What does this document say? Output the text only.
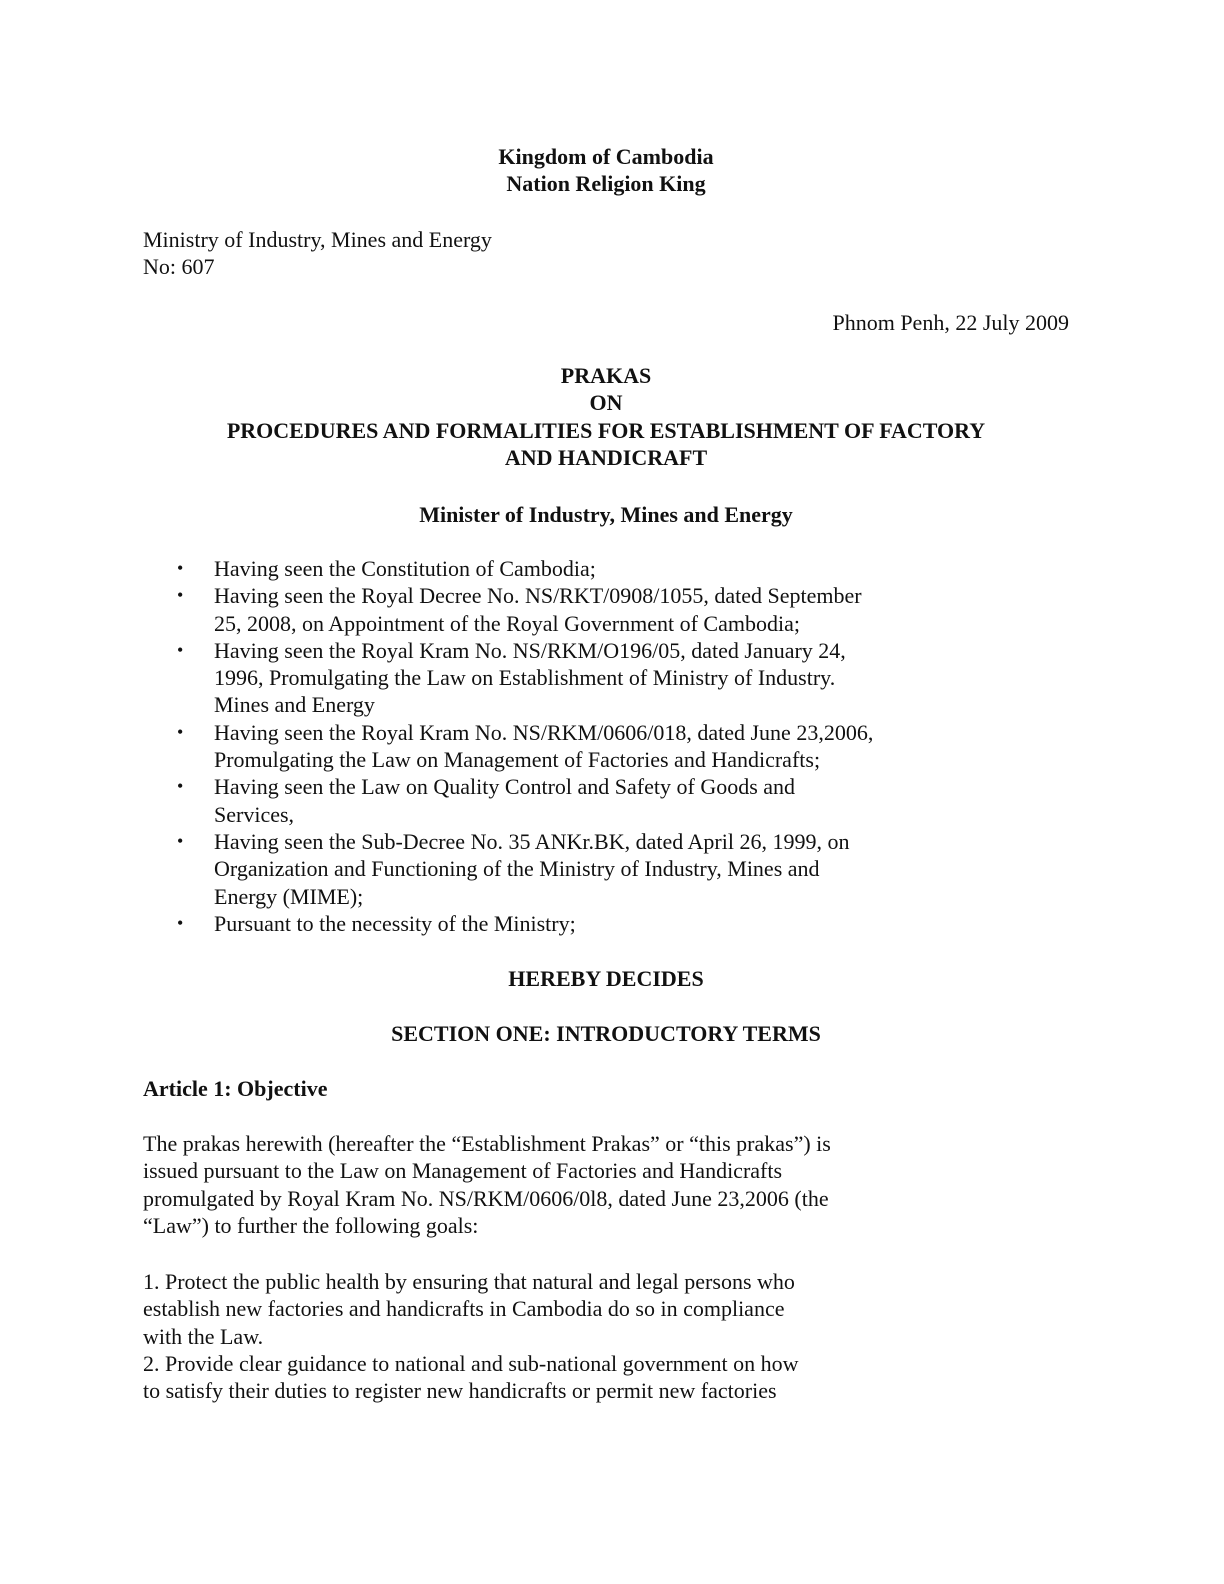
Kingdom of Cambodia
Nation Religion King
Ministry of Industry, Mines and Energy
No: 607
Phnom Penh, 22 July 2009
PRAKAS
ON
PROCEDURES AND FORMALITIES FOR ESTABLISHMENT OF FACTORY
AND HANDICRAFT
Minister of Industry, Mines and Energy
• Having seen the Constitution of Cambodia;
• Having seen the Royal Decree No. NS/RKT/0908/1055, dated September
25, 2008, on Appointment of the Royal Government of Cambodia;
• Having seen the Royal Kram No. NS/RKM/O196/05, dated January 24,
1996, Promulgating the Law on Establishment of Ministry of Industry.
Mines and Energy
• Having seen the Royal Kram No. NS/RKM/0606/018, dated June 23,2006,
Promulgating the Law on Management of Factories and Handicrafts;
• Having seen the Law on Quality Control and Safety of Goods and
Services,
• Having seen the Sub-Decree No. 35 ANKr.BK, dated April 26, 1999, on
Organization and Functioning of the Ministry of Industry, Mines and
Energy (MIME);
• Pursuant to the necessity of the Ministry;
HEREBY DECIDES
SECTION ONE: INTRODUCTORY TERMS
Article 1: Objective
The prakas herewith (hereafter the “Establishment Prakas” or “this prakas”) is
issued pursuant to the Law on Management of Factories and Handicrafts
promulgated by Royal Kram No. NS/RKM/0606/0l8, dated June 23,2006 (the
“Law”) to further the following goals:
1. Protect the public health by ensuring that natural and legal persons who
establish new factories and handicrafts in Cambodia do so in compliance
with the Law.
2. Provide clear guidance to national and sub-national government on how
to satisfy their duties to register new handicrafts or permit new factories
